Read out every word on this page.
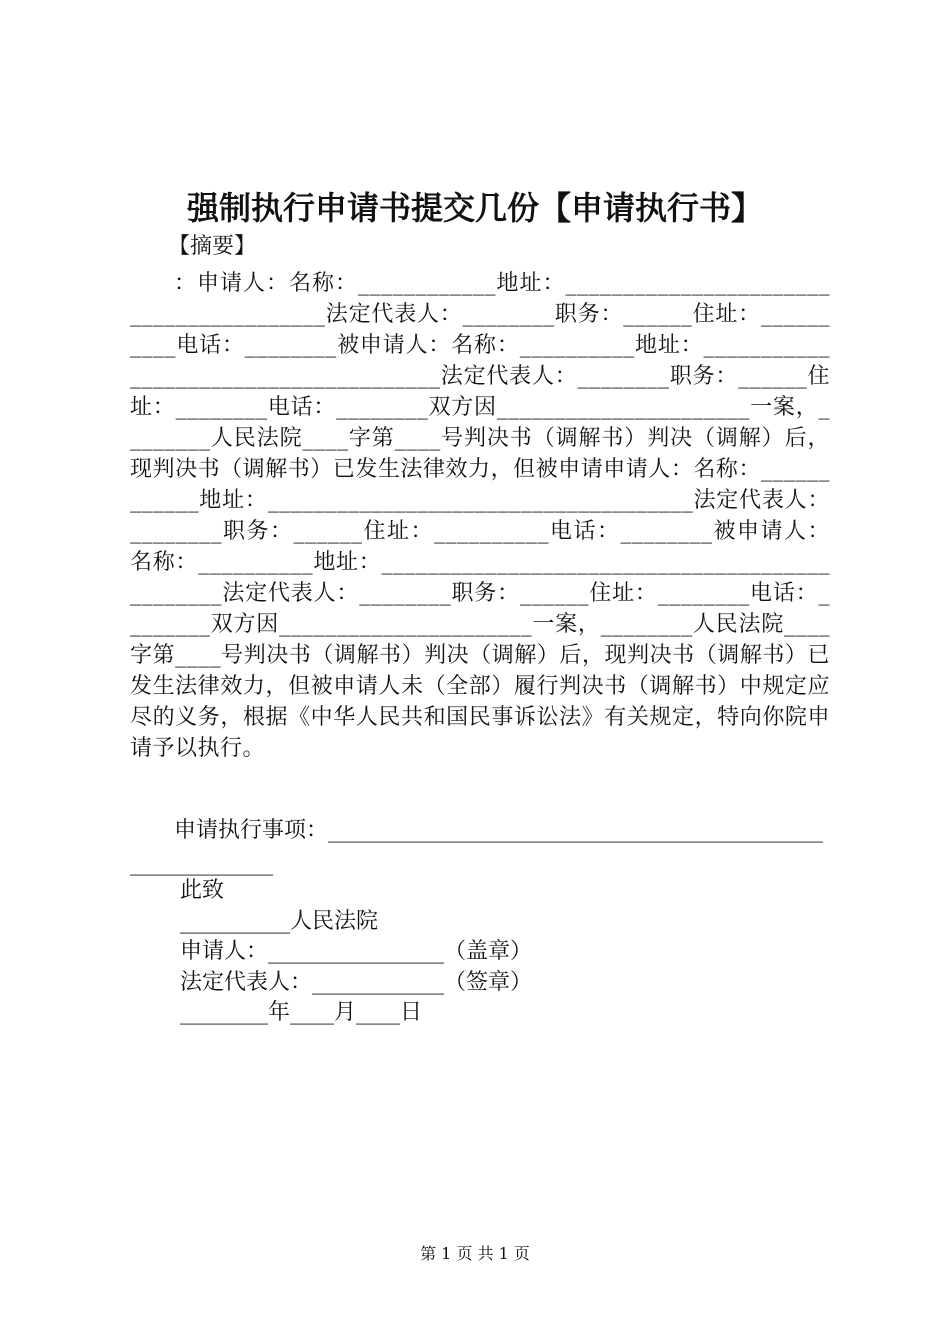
强制执行申请书提交几份【申请执行书】
【摘要】
：申请人：名称：____________地址：________________________________________法定代表人：________职务：______住址：__________电话：________被申请人：名称：__________地址：______________________________________法定代表人：________职务：______住址：________电话：________双方因______________________一案，________人民法院____字第____号判决书（调解书）判决（调解）后，现判决书（调解书）已发生法律效力，但被申请申请人：名称：____________地址：_____________________________________法定代表人：________职务：______住址：__________电话：________被申请人：名称：__________地址：_______________________________________________法定代表人：________职务：______住址：________电话：________双方因______________________一案，________人民法院____字第____号判决书（调解书）判决（调解）后，现判决书（调解书）已发生法律效力，但被申请人未（全部）履行判决书（调解书）中规定应尽的义务，根据《中华人民共和国民事诉讼法》有关规定，特向你院申请予以执行。
申请执行事项：__________________________________________________________
此致
__________人民法院
申请人：________________（盖章）
法定代表人：____________（签章）
________年____月____日
第 1 页 共 1 页
